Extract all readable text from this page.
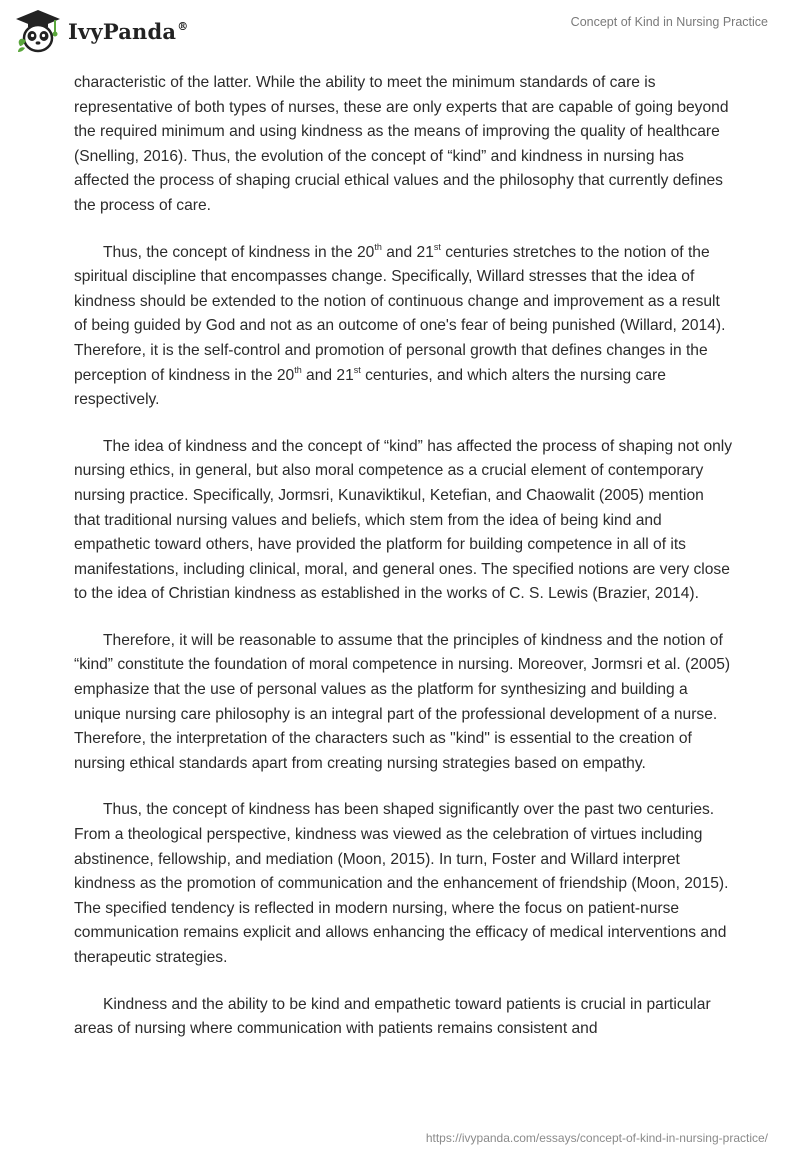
IvyPanda®	Concept of Kind in Nursing Practice

characteristic of the latter. While the ability to meet the minimum standards of care is representative of both types of nurses, these are only experts that are capable of going beyond the required minimum and using kindness as the means of improving the quality of healthcare (Snelling, 2016). Thus, the evolution of the concept of “kind” and kindness in nursing has affected the process of shaping crucial ethical values and the philosophy that currently defines the process of care.

Thus, the concept of kindness in the 20th and 21st centuries stretches to the notion of the spiritual discipline that encompasses change. Specifically, Willard stresses that the idea of kindness should be extended to the notion of continuous change and improvement as a result of being guided by God and not as an outcome of one's fear of being punished (Willard, 2014). Therefore, it is the self-control and promotion of personal growth that defines changes in the perception of kindness in the 20th and 21st centuries, and which alters the nursing care respectively.

The idea of kindness and the concept of “kind” has affected the process of shaping not only nursing ethics, in general, but also moral competence as a crucial element of contemporary nursing practice. Specifically, Jormsri, Kunaviktikul, Ketefian, and Chaowalit (2005) mention that traditional nursing values and beliefs, which stem from the idea of being kind and empathetic toward others, have provided the platform for building competence in all of its manifestations, including clinical, moral, and general ones. The specified notions are very close to the idea of Christian kindness as established in the works of C. S. Lewis (Brazier, 2014).

Therefore, it will be reasonable to assume that the principles of kindness and the notion of “kind” constitute the foundation of moral competence in nursing. Moreover, Jormsri et al. (2005) emphasize that the use of personal values as the platform for synthesizing and building a unique nursing care philosophy is an integral part of the professional development of a nurse. Therefore, the interpretation of the characters such as "kind" is essential to the creation of nursing ethical standards apart from creating nursing strategies based on empathy.

Thus, the concept of kindness has been shaped significantly over the past two centuries. From a theological perspective, kindness was viewed as the celebration of virtues including abstinence, fellowship, and mediation (Moon, 2015). In turn, Foster and Willard interpret kindness as the promotion of communication and the enhancement of friendship (Moon, 2015). The specified tendency is reflected in modern nursing, where the focus on patient-nurse communication remains explicit and allows enhancing the efficacy of medical interventions and therapeutic strategies.

Kindness and the ability to be kind and empathetic toward patients is crucial in particular areas of nursing where communication with patients remains consistent and

https://ivypanda.com/essays/concept-of-kind-in-nursing-practice/
